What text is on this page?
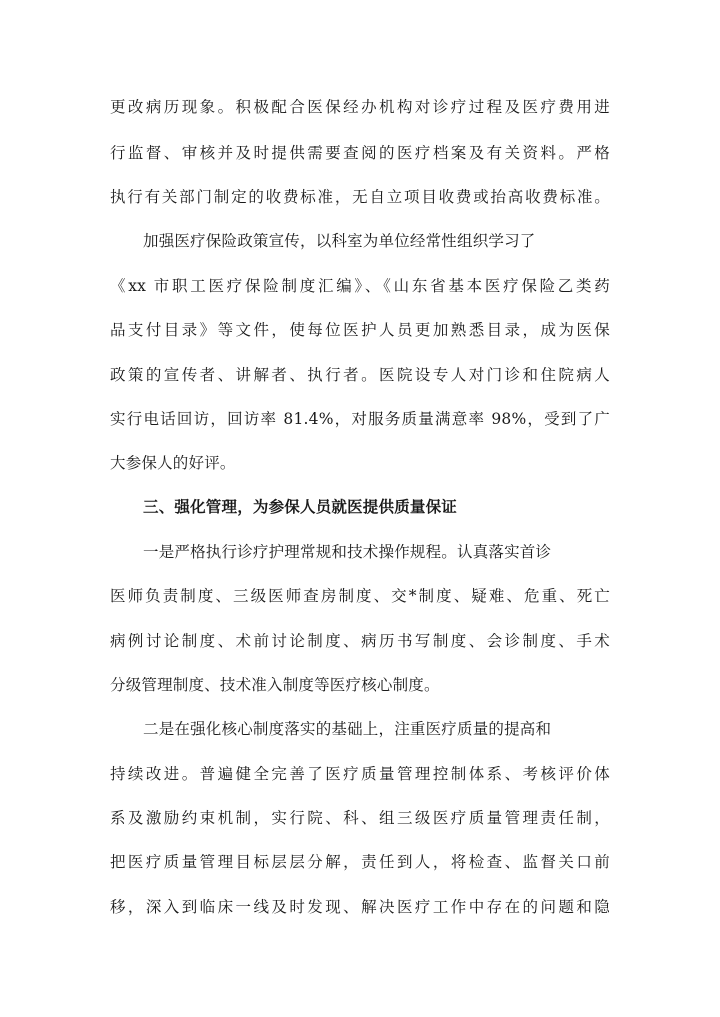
更改病历现象。积极配合医保经办机构对诊疗过程及医疗费用进
行监督、审核并及时提供需要查阅的医疗档案及有关资料。严格
执行有关部门制定的收费标准，无自立项目收费或抬高收费标准。
加强医疗保险政策宣传，以科室为单位经常性组织学习了
《xx 市职工医疗保险制度汇编》、《山东省基本医疗保险乙类药
品支付目录》等文件，使每位医护人员更加熟悉目录，成为医保
政策的宣传者、讲解者、执行者。医院设专人对门诊和住院病人
实行电话回访，回访率 81.4%，对服务质量满意率 98%，受到了广
大参保人的好评。
三、强化管理，为参保人员就医提供质量保证
一是严格执行诊疗护理常规和技术操作规程。认真落实首诊
医师负责制度、三级医师查房制度、交*制度、疑难、危重、死亡
病例讨论制度、术前讨论制度、病历书写制度、会诊制度、手术
分级管理制度、技术准入制度等医疗核心制度。
二是在强化核心制度落实的基础上，注重医疗质量的提高和
持续改进。普遍健全完善了医疗质量管理控制体系、考核评价体
系及激励约束机制，实行院、科、组三级医疗质量管理责任制，
把医疗质量管理目标层层分解，责任到人，将检查、监督关口前
移，深入到临床一线及时发现、解决医疗工作中存在的问题和隐
